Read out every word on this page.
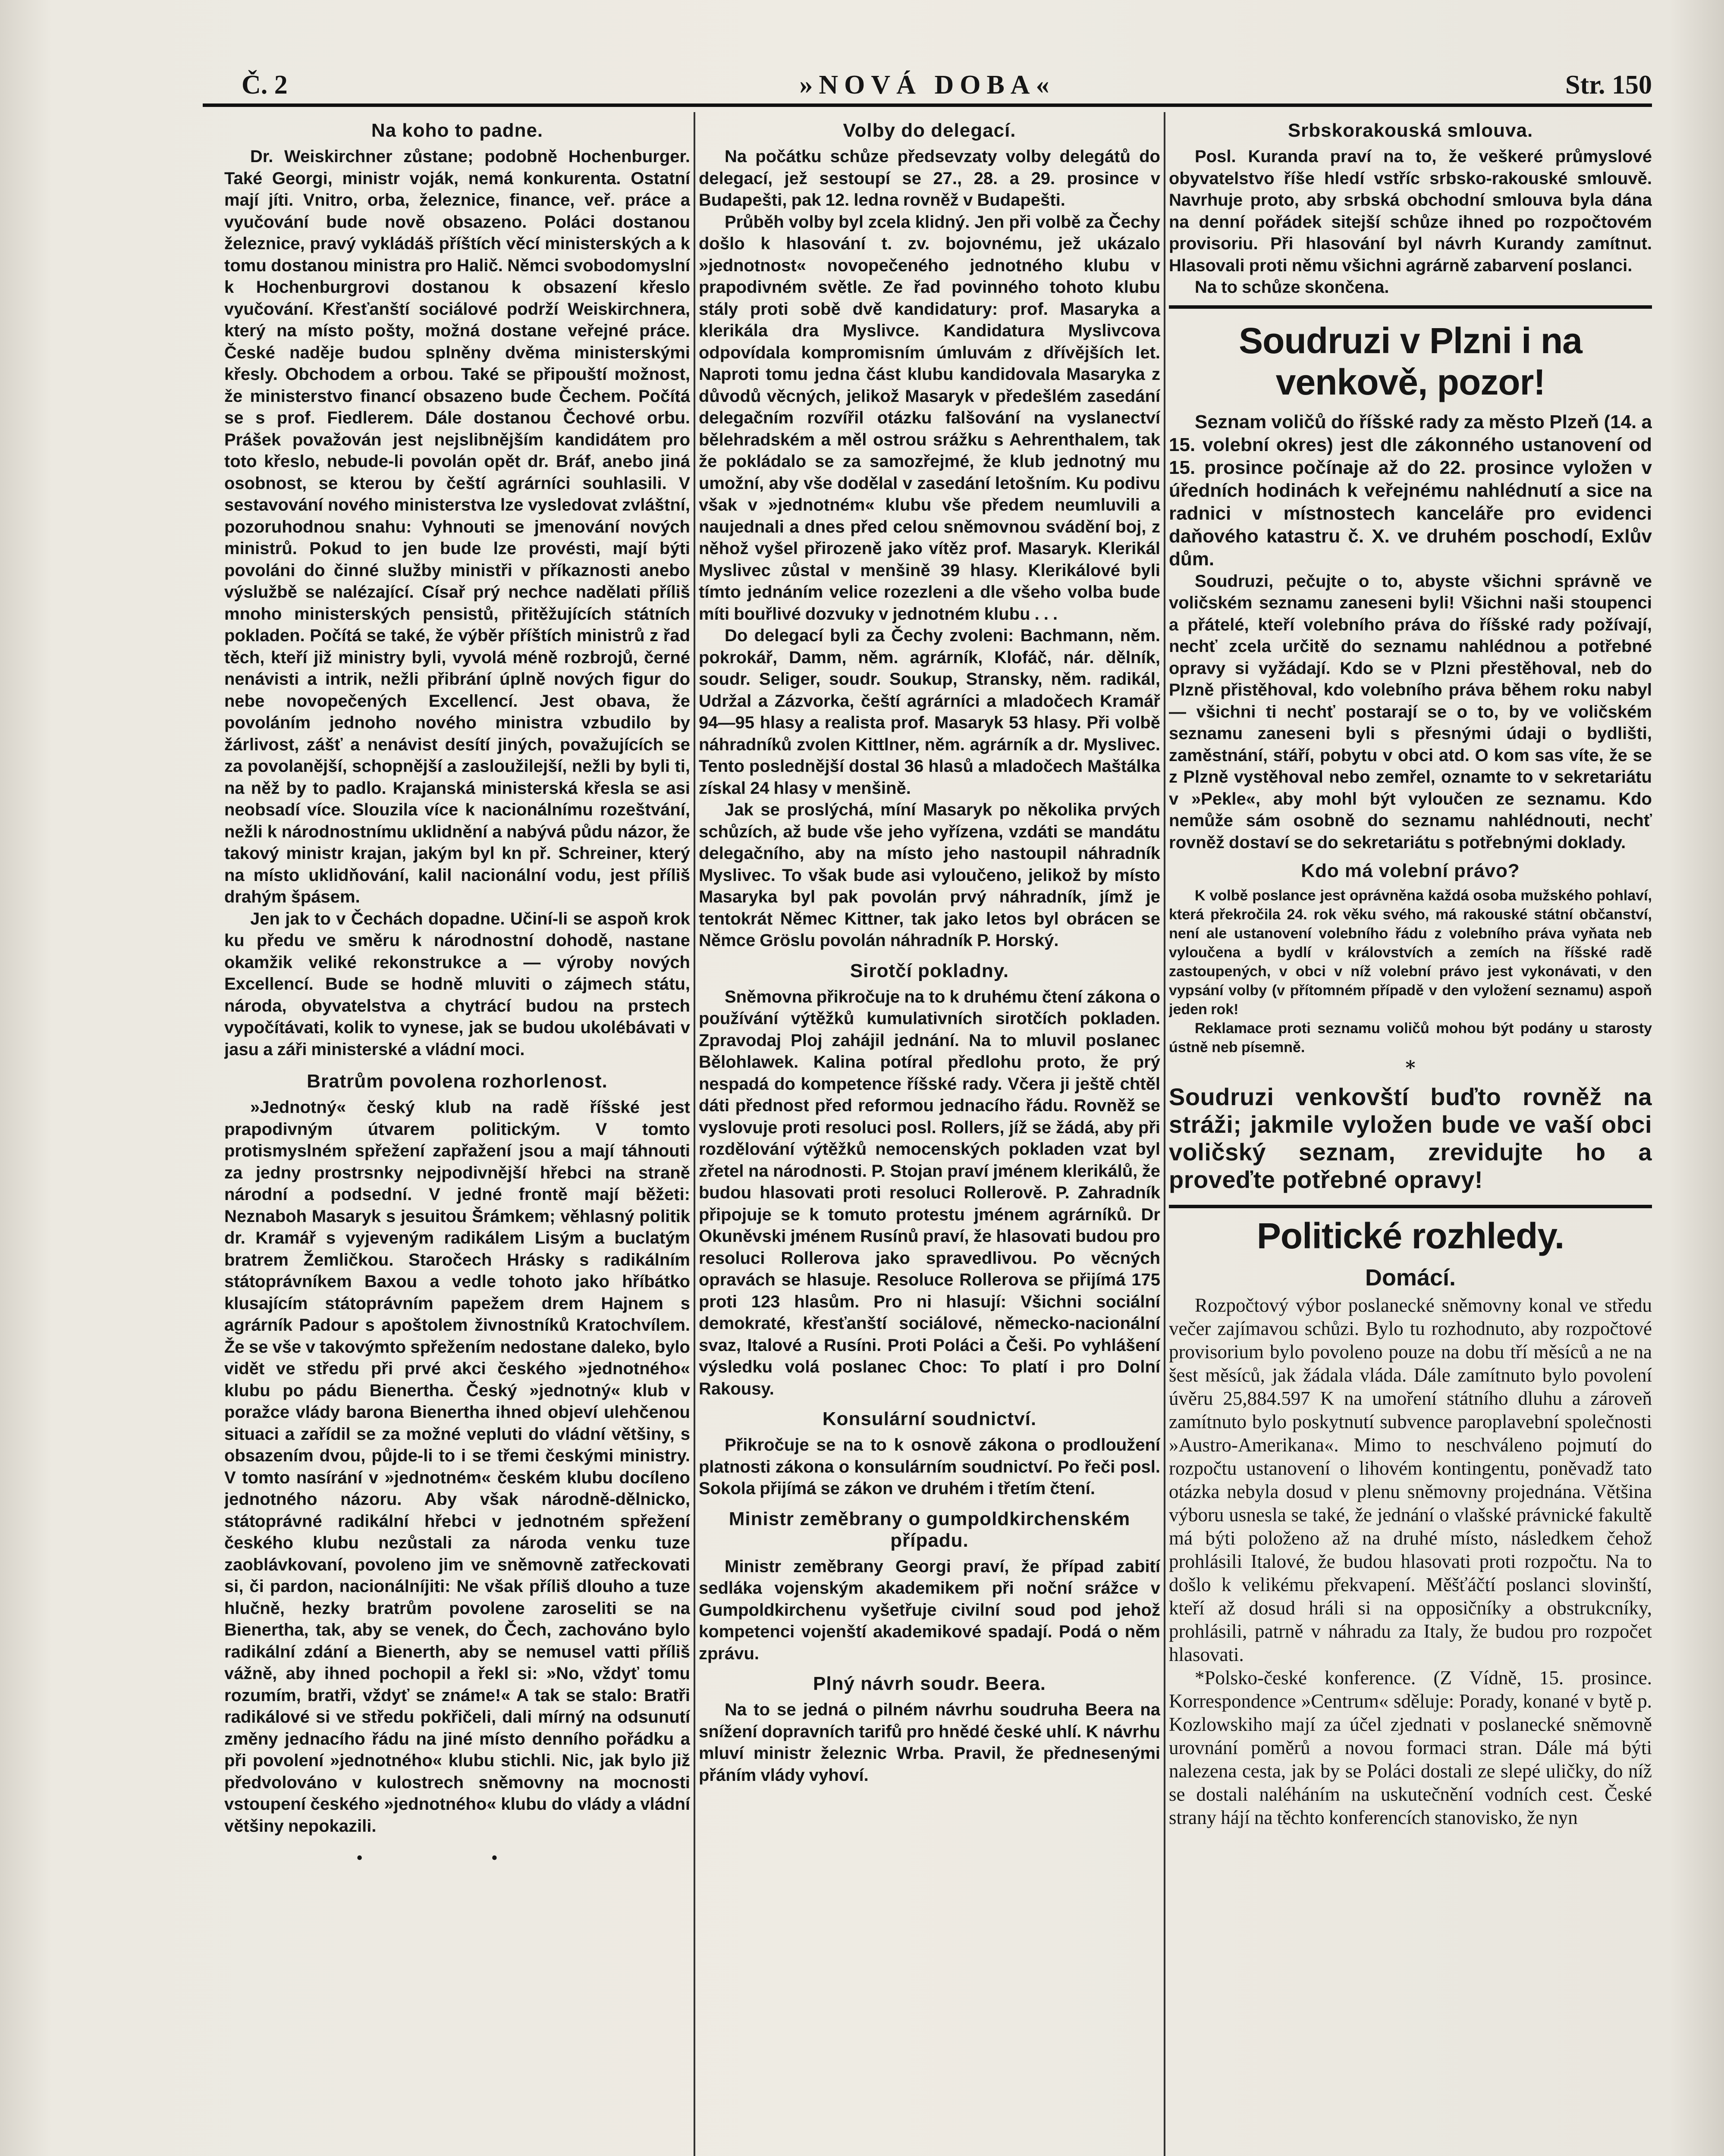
Č. 2	»NOVÁ DOBA«	Str. 150
Na koho to padne.

Dr. Weiskirchner zůstane; podobně Hochenburger. Také Georgi, ministr voják, nemá konkurenta. Ostatní mají jíti. Vnitro, orba, železnice, finance, veř. práce a vyučování bude nově obsazeno. Poláci dostanou železnice, pravý vykládáš příštích věcí ministerských a k tomu dostanou ministra pro Halič. Němci svobodomyslní k Hochenburgrovi dostanou k obsazení křeslo vyučování. Křesťanští sociálové podrží Weiskirchnera, který na místo pošty, možná dostane veřejné práce. České naděje budou splněny dvěma ministerskými křesly. Obchodem a orbou. Také se připouští možnost, že ministerstvo financí obsazeno bude Čechem. Počítá se s prof. Fiedlerem. Dále dostanou Čechové orbu. Prášek považován jest nejslibnějším kandidátem pro toto křeslo, nebude-li povolán opět dr. Bráf, anebo jiná osobnost, se kterou by čeští agrárníci souhlasili. V sestavování nového ministerstva lze vysledovat zvláštní, pozoruhodnou snahu: Vyhnouti se jmenování nových ministrů. Pokud to jen bude lze provésti, mají býti povoláni do činné služby ministři v příkaznosti anebo výslužbě se nalézající. Císař prý nechce nadělati příliš mnoho ministerských pensistů, přitěžujících státních pokladen. Počítá se také, že výběr příštích ministrů z řad těch, kteří již ministry byli, vyvolá méně rozbrojů, černé nenávisti a intrik, nežli přibrání úplně nových figur do nebe novopečených Excellencí. Jest obava, že povoláním jednoho nového ministra vzbudilo by žárlivost, zášť a nenávist desítí jiných, považujících se za povolanější, schopnější a zasloužilejší, nežli by byli ti, na něž by to padlo. Krajanská ministerská křesla se asi neobsadí více. Slouzila více k nacionálnímu rozeštvání, nežli k národnostnímu uklidnění a nabývá půdu názor, že takový ministr krajan, jakým byl kn př. Schreiner, který na místo uklidňování, kalil nacionální vodu, jest příliš drahým špásem.

Jen jak to v Čechách dopadne. Učiní-li se aspoň krok ku předu ve směru k národnostní dohodě, nastane okamžik veliké rekonstrukce a — výroby nových Excellencí. Bude se hodně mluviti o zájmech státu, národa, obyvatelstva a chytrácí budou na prstech vypočítávati, kolik to vynese, jak se budou ukolébávati v jasu a záři ministerské a vládní moci.

Bratrům povolena rozhorlenost.

»Jednotný« český klub na radě říšské jest prapodivným útvarem politickým. V tomto protismyslném spřežení zapřažení jsou a mají táhnouti za jedny prostrsnky nejpodivnější hřebci na straně národní a podsední. V jedné frontě mají běžeti: Neznaboh Masaryk s jesuitou Šrámkem; věhlasný politik dr. Kramář s vyjeveným radikálem Lisým a buclatým bratrem Žemličkou. Staročech Hrásky s radikálním státoprávníkem Baxou a vedle tohoto jako hříbátko klusajícím státoprávním papežem drem Hajnem s agrárník Padour s apoštolem živnostníků Kratochvílem. Že se vše v takovýmto spřežením nedostane daleko, bylo vidět ve středu při prvé akci českého »jednotného« klubu po pádu Bienertha. Český »jednotný« klub v poražce vlády barona Bienertha ihned objeví ulehčenou situaci a zařídil se za možné vepluti do vládní většiny, s obsazením dvou, půjde-li to i se třemi českými ministry. V tomto nasírání v »jednotném« českém klubu docíleno jednotného názoru. Aby však národně-dělnicko, státoprávné radikální hřebci v jednotném spřežení českého klubu nezůstali za národa venku tuze zaoblávkovaní, povoleno jim ve sněmovně zatřeckovati si, či pardon, nacionálníjiti: Ne však příliš dlouho a tuze hlučně, hezky bratrům povolene zaroseliti se na Bienertha, tak, aby se venek, do Čech, zachováno bylo radikální zdání a Bienerth, aby se nemusel vatti příliš vážně, aby ihned pochopil a řekl si: »No, vždyť tomu rozumím, bratři, vždyť se známe!« A tak se stalo: Bratři radikálové si ve středu pokřičeli, dali mírný na odsunutí změny jednacího řádu na jiné místo denního pořádku a při povolení »jednotného« klubu stichli. Nic, jak bylo již předvolováno v kulostrech sněmovny na mocnosti vstoupení českého »jednotného« klubu do vlády a vládní většiny nepokazili.

• •
Volby do delegací.

Na počátku schůze předsevzaty volby delegátů do delegací, jež sestoupí se 27., 28. a 29. prosince v Budapešti, pak 12. ledna rovněž v Budapešti.

Průběh volby byl zcela klidný. Jen při volbě za Čechy došlo k hlasování t. zv. bojovnému, jež ukázalo »jednotnost« novopečeného jednotného klubu v prapodivném světle. Ze řad povinného tohoto klubu stály proti sobě dvě kandidatury: prof. Masaryka a klerikála dra Myslivce. Kandidatura Myslivcova odpovídala kompromisním úmluvám z dřívějších let. Naproti tomu jedna část klubu kandidovala Masaryka z důvodů věcných, jelikož Masaryk v předešlém zasedání delegačním rozvířil otázku falšování na vyslanectví bělehradském a měl ostrou srážku s Aehrenthalem, tak že pokládalo se za samozřejmé, že klub jednotný mu umožní, aby vše dodělal v zasedání letošním. Ku podivu však v »jednotném« klubu vše předem neumluvili a naujednali a dnes před celou sněmovnou svádění boj, z něhož vyšel přirozeně jako vítěz prof. Masaryk. Klerikál Myslivec zůstal v menšině 39 hlasy. Klerikálové byli tímto jednáním velice rozezleni a dle všeho volba bude míti bouřlivé dozvuky v jednotném klubu . . .

Do delegací byli za Čechy zvoleni: Bachmann, něm. pokrokář, Damm, něm. agrárník, Klofáč, nár. dělník, soudr. Seliger, soudr. Soukup, Stransky, něm. radikál, Udržal a Zázvorka, čeští agrárníci a mladočech Kramář 94—95 hlasy a realista prof. Masaryk 53 hlasy. Při volbě náhradníků zvolen Kittlner, něm. agrárník a dr. Myslivec. Tento poslednější dostal 36 hlasů a mladočech Maštálka získal 24 hlasy v menšině.

Jak se proslýchá, míní Masaryk po několika prvých schůzích, až bude vše jeho vyřízena, vzdáti se mandátu delegačního, aby na místo jeho nastoupil náhradník Myslivec. To však bude asi vyloučeno, jelikož by místo Masaryka byl pak povolán prvý náhradník, jímž je tentokrát Němec Kittner, tak jako letos byl obrácen se Němce Gröslu povolán náhradník P. Horský.

Sirotčí pokladny.

Sněmovna přikročuje na to k druhému čtení zákona o používání výtěžků kumulativních sirotčích pokladen. Zpravodaj Ploj zahájil jednání. Na to mluvil poslanec Bělohlawek. Kalina potíral předlohu proto, že prý nespadá do kompetence říšské rady. Včera ji ještě chtěl dáti přednost před reformou jednacího řádu. Rovněž se vyslovuje proti resoluci posl. Rollers, jíž se žádá, aby při rozdělování výtěžků nemocenských pokladen vzat byl zřetel na národnosti. P. Stojan praví jménem klerikálů, že budou hlasovati proti resoluci Rollerově. P. Zahradník připojuje se k tomuto protestu jménem agrárníků. Dr Okuněvski jménem Rusínů praví, že hlasovati budou pro resoluci Rollerova jako spravedlivou. Po věcných opravách se hlasuje. Resoluce Rollerova se přijímá 175 proti 123 hlasům. Pro ni hlasují: Všichni sociální demokraté, křesťanští sociálové, německo-nacionální svaz, Italové a Rusíni. Proti Poláci a Češi. Po vyhlášení výsledku volá poslanec Choc: To platí i pro Dolní Rakousy.

Konsulární soudnictví.

Přikročuje se na to k osnově zákona o prodloužení platnosti zákona o konsulárním soudnictví. Po řeči posl. Sokola přijímá se zákon ve druhém i třetím čtení.

Ministr zeměbrany o gumpoldkirchenském případu.

Ministr zeměbrany Georgi praví, že případ zabití sedláka vojenským akademikem při noční srážce v Gumpoldkirchenu vyšetřuje civilní soud pod jehož kompetenci vojenští akademikové spadají. Podá o něm zprávu.

Plný návrh soudr. Beera.

Na to se jedná o pilném návrhu soudruha Beera na snížení dopravních tarifů pro hnědé české uhlí. K návrhu mluví ministr železnic Wrba. Pravil, že přednesenými přáním vlády vyhoví.

Srbskorakouská smlouva.

Posl. Kuranda praví na to, že veškeré průmyslové obyvatelstvo říše hledí vstříc srbsko-rakouské smlouvě. Navrhuje proto, aby srbská obchodní smlouva byla dána na denní pořádek sitejší schůze ihned po rozpočtovém provisoriu. Při hlasování byl návrh Kurandy zamítnut. Hlasovali proti němu všichni agrárně zabarvení poslanci.

Na to schůze skončena.

Soudruzi v Plzni i na venkově, pozor!

Seznam voličů do říšské rady za město Plzeň (14. a 15. volební okres) jest dle zákonného ustanovení od 15. prosince počínaje až do 22. prosince vyložen v úředních hodinách k veřejnému nahlédnutí a sice na radnici v místnostech kanceláře pro evidenci daňového katastru č. X. ve druhém poschodí, Exlův dům.

Soudruzi, pečujte o to, abyste všichni správně ve voličském seznamu zaneseni byli! Všichni naši stoupenci a přátelé, kteří volebního práva do říšské rady požívají, nechť zcela určitě do seznamu nahlédnou a potřebné opravy si vyžádají. Kdo se v Plzni přestěhoval, neb do Plzně přistěhoval, kdo volebního práva během roku nabyl — všichni ti nechť postarají se o to, by ve voličském seznamu zaneseni byli s přesnými údaji o bydlišti, zaměstnání, stáří, pobytu v obci atd. O kom sas víte, že se z Plzně vystěhoval nebo zemřel, oznamte to v sekretariátu v »Pekle«, aby mohl být vyloučen ze seznamu. Kdo nemůže sám osobně do seznamu nahlédnouti, nechť rovněž dostaví se do sekretariátu s potřebnými doklady.

Kdo má volební právo?

K volbě poslance jest oprávněna každá osoba mužského pohlaví, která překročila 24. rok věku svého, má rakouské státní občanství, není ale ustanovení volebního řádu z volebního práva vyňata neb vyloučena a bydlí v královstvích a zemích na říšské radě zastoupených, v obci v níž volební právo jest vykonávati, v den vypsání volby (v přítomném případě v den vyložení seznamu) aspoň jeden rok!

Reklamace proti seznamu voličů mohou být podány u starosty ústně neb písemně.

*
Soudruzi venkovští buďto rovněž na stráži; jakmile vyložen bude ve vaší obci voličský seznam, zrevidujte ho a proveďte potřebné opravy!
Politické rozhledy.
Domácí.

Rozpočtový výbor poslanecké sněmovny konal ve středu večer zajímavou schůzi. Bylo tu rozhodnuto, aby rozpočtové provisorium bylo povoleno pouze na dobu tří měsíců a ne na šest měsíců, jak žádala vláda. Dále zamítnuto bylo povolení úvěru 25,884.597 K na umoření státního dluhu a zároveň zamítnuto bylo poskytnutí subvence paroplavební společnosti »Austro-Amerikana«. Mimo to neschváleno pojmutí do rozpočtu ustanovení o lihovém kontingentu, poněvadž tato otázka nebyla dosud v plenu sněmovny projednána. Většina výboru usnesla se také, že jednání o vlašské právnické fakultě má býti položeno až na druhé místo, následkem čehož prohlásili Italové, že budou hlasovati proti rozpočtu. Na to došlo k velikému překvapení. Měšťáčtí poslanci slovinští, kteří až dosud hráli si na opposičníky a obstrukcníky, prohlásili, patrně v náhradu za Italy, že budou pro rozpočet hlasovati.

*Polsko-české konference. (Z Vídně, 15. prosince. Korrespondence »Centrum« sděluje: Porady, konané v bytě p. Kozlowskiho mají za účel zjednati v poslanecké sněmovně urovnání poměrů a novou formaci stran. Dále má býti nalezena cesta, jak by se Poláci dostali ze slepé uličky, do níž se dostali naléháním na uskutečnění vodních cest. České strany hájí na těchto konferencích stanovisko, že nyn
